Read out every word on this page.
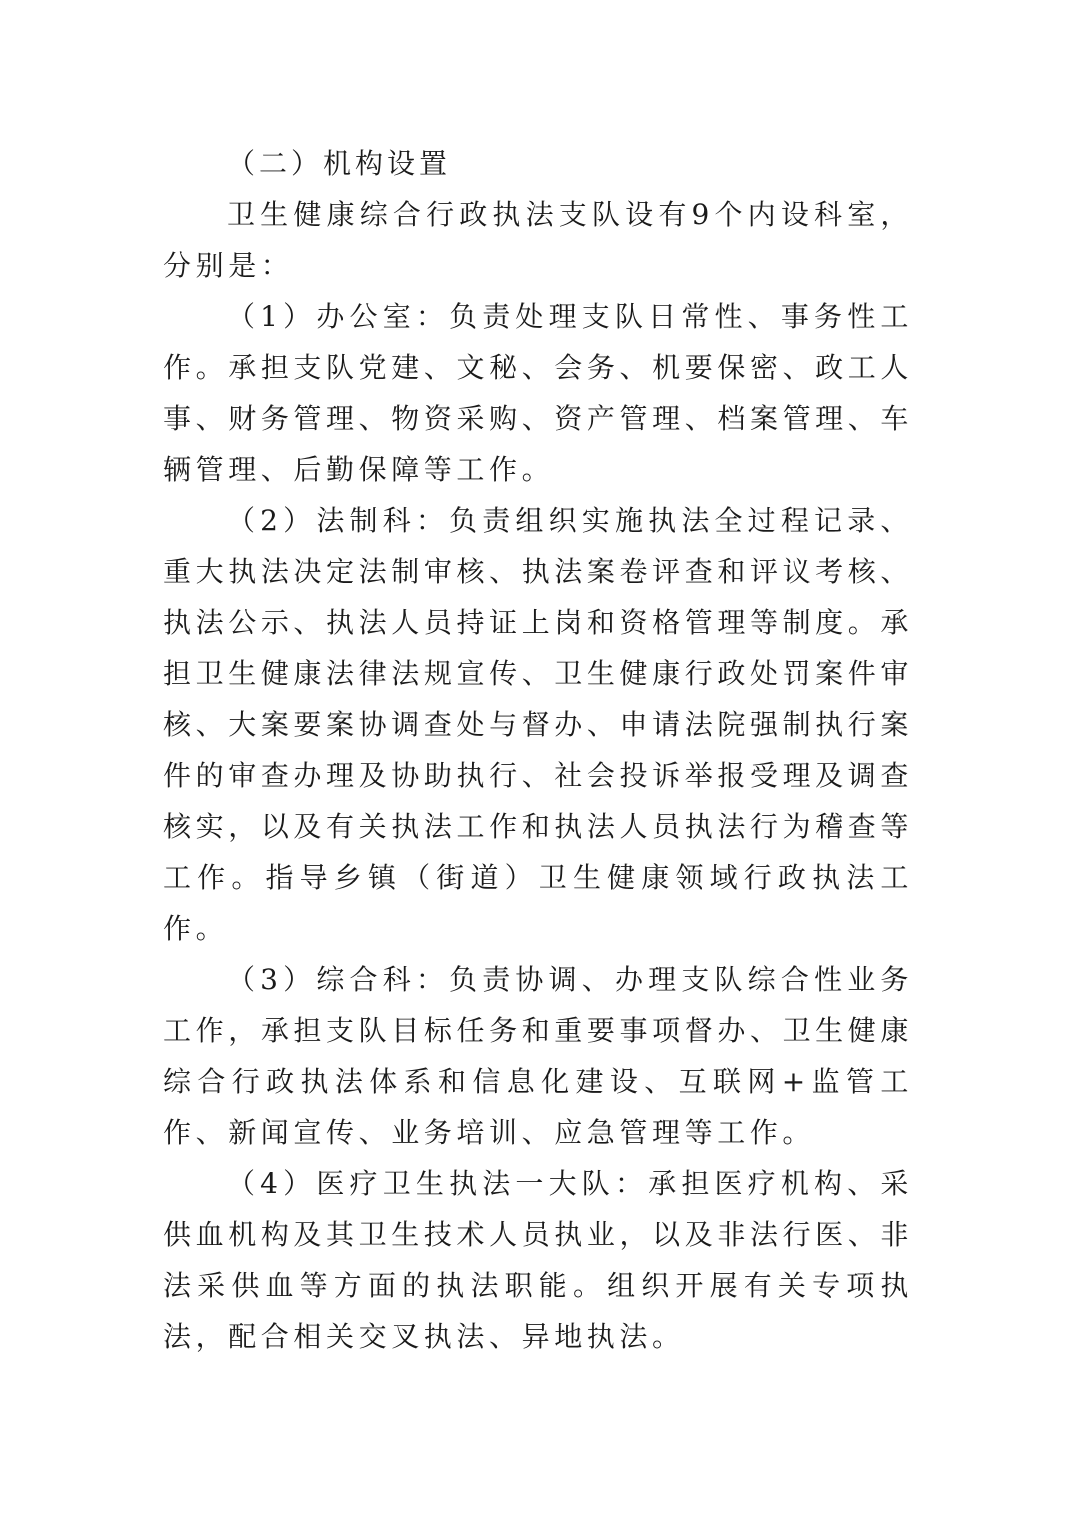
（二）机构设置

卫生健康综合行政执法支队设有9个内设科室，分别是：

（1）办公室：负责处理支队日常性、事务性工作。承担支队党建、文秘、会务、机要保密、政工人事、财务管理、物资采购、资产管理、档案管理、车辆管理、后勤保障等工作。

（2）法制科：负责组织实施执法全过程记录、重大执法决定法制审核、执法案卷评查和评议考核、执法公示、执法人员持证上岗和资格管理等制度。承担卫生健康法律法规宣传、卫生健康行政处罚案件审核、大案要案协调查处与督办、申请法院强制执行案件的审查办理及协助执行、社会投诉举报受理及调查核实，以及有关执法工作和执法人员执法行为稽查等工作。指导乡镇（街道）卫生健康领域行政执法工作。

（3）综合科：负责协调、办理支队综合性业务工作，承担支队目标任务和重要事项督办、卫生健康综合行政执法体系和信息化建设、互联网+监管工作、新闻宣传、业务培训、应急管理等工作。

（4）医疗卫生执法一大队：承担医疗机构、采供血机构及其卫生技术人员执业，以及非法行医、非法采供血等方面的执法职能。组织开展有关专项执法，配合相关交叉执法、异地执法。
